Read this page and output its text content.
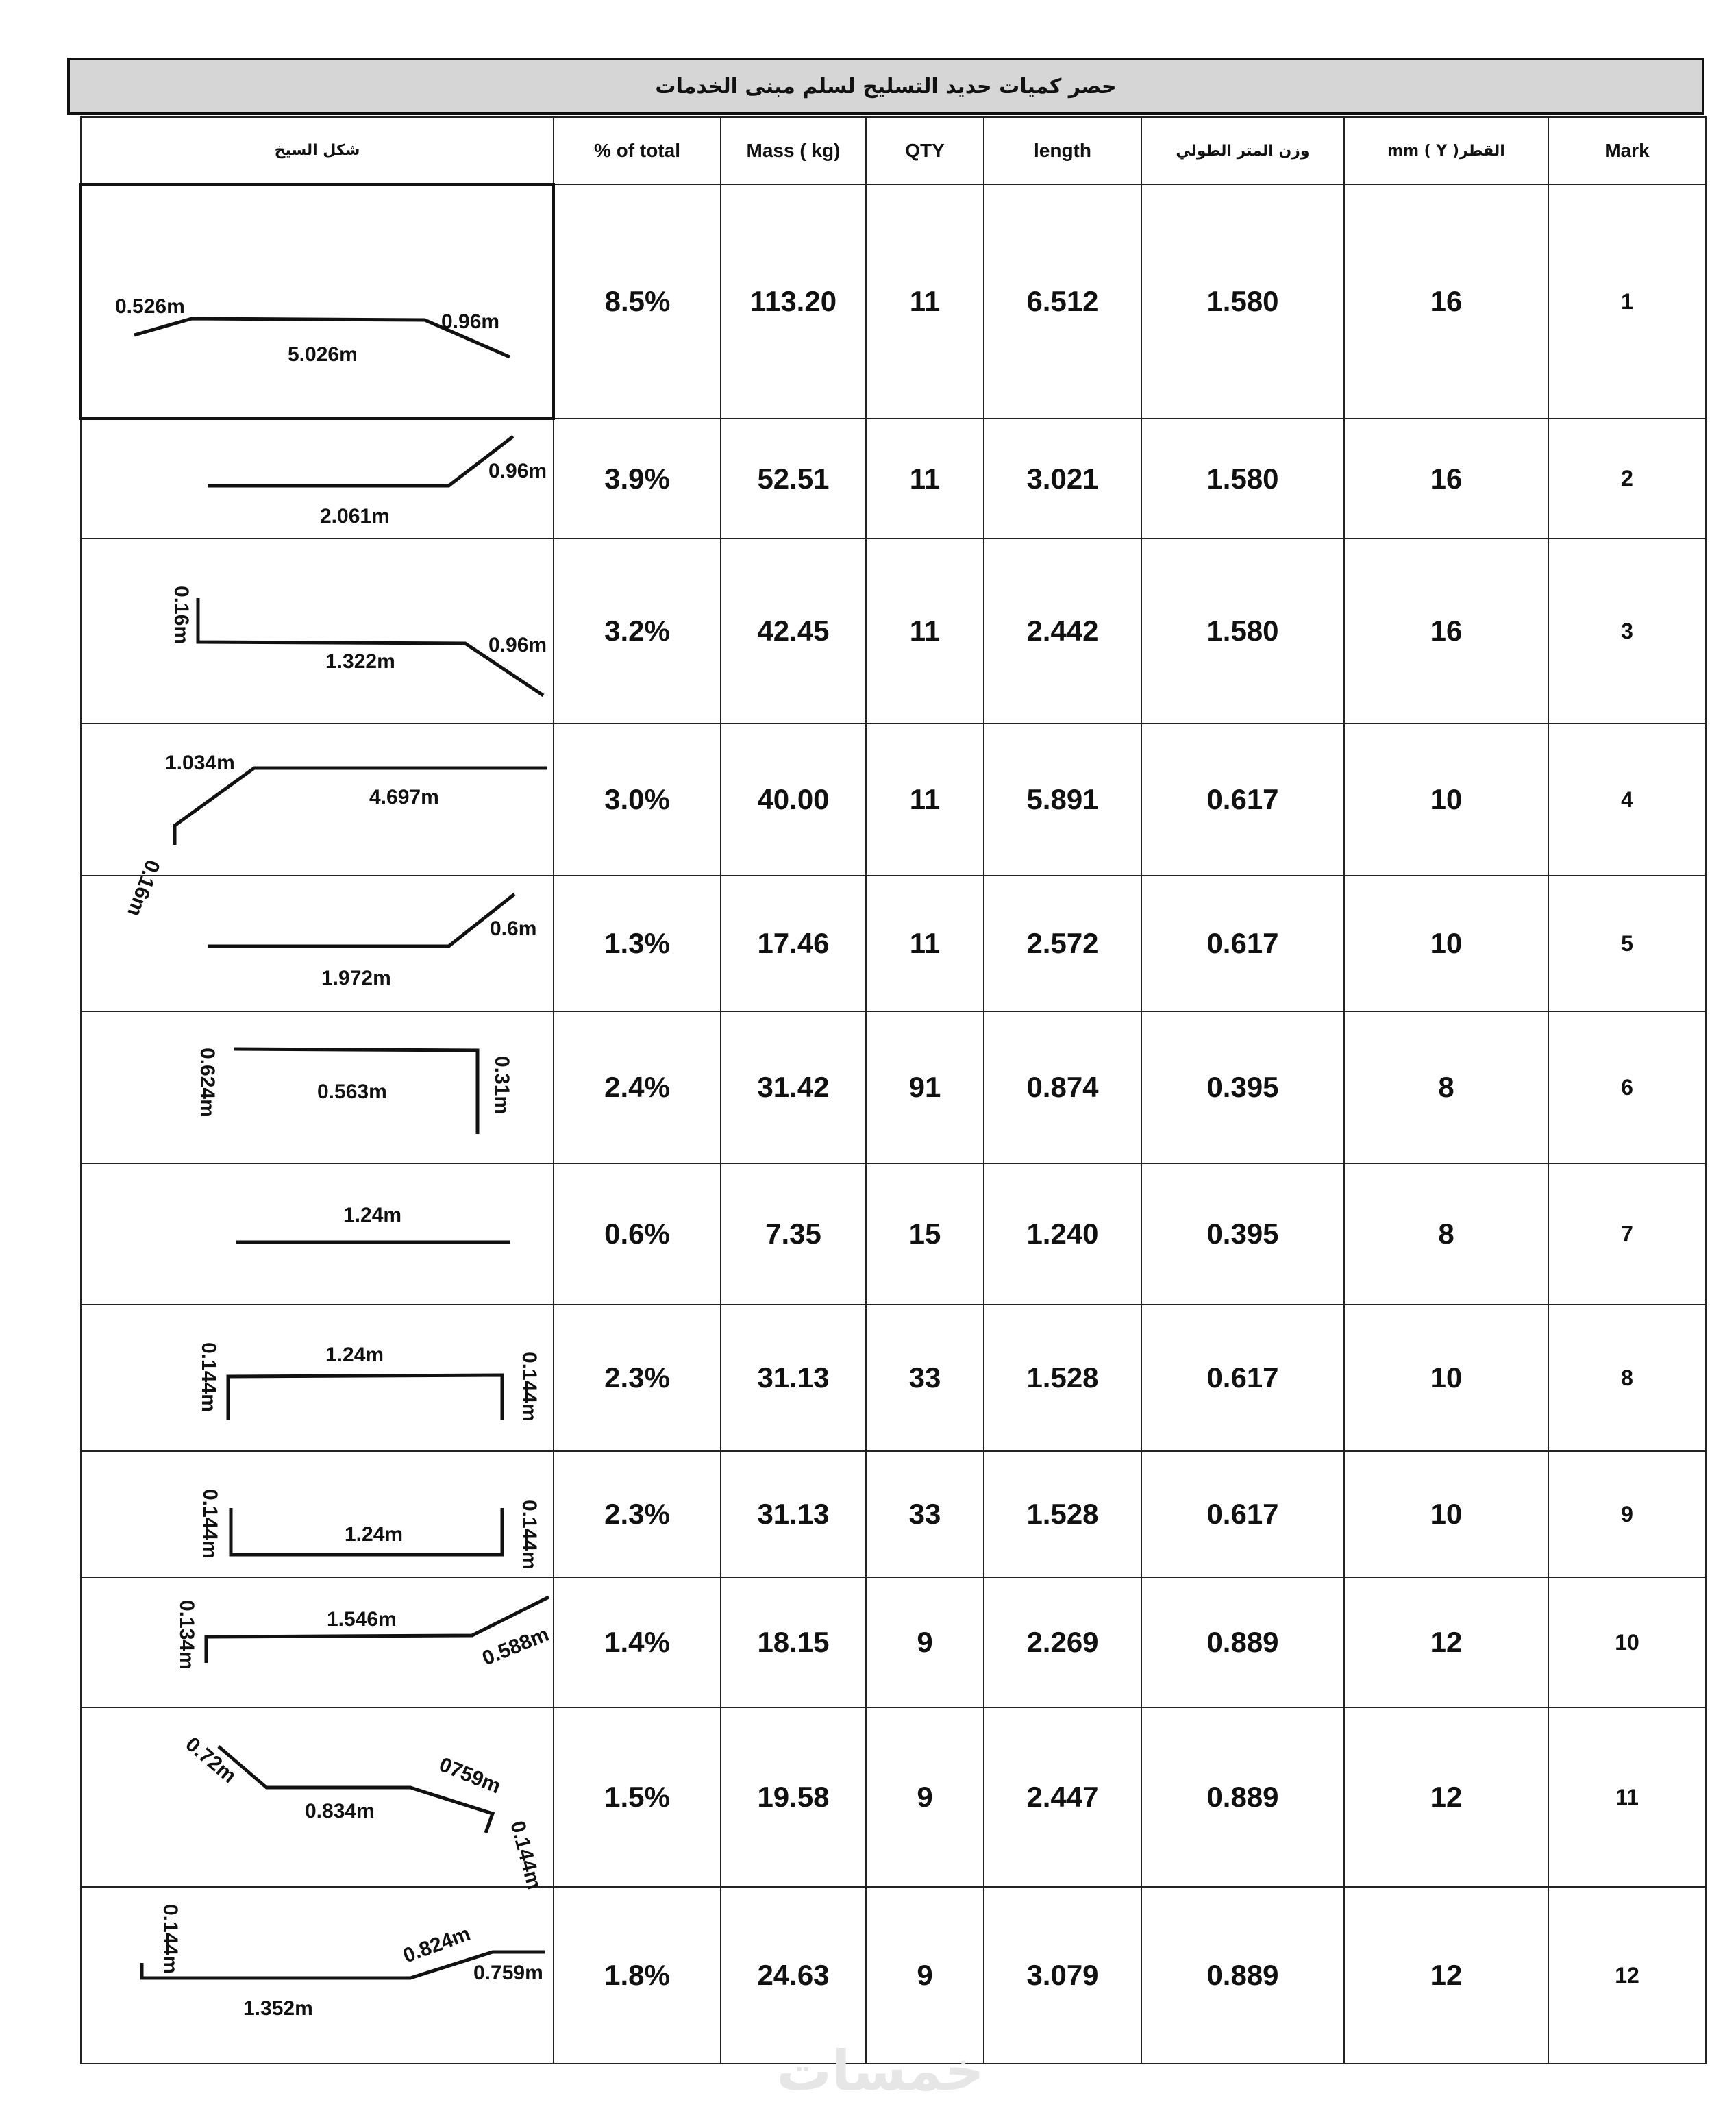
حصر كميات حديد التسليح لسلم مبنى الخدمات
شكل السيخ	% of total	Mass ( kg)	QTY	length	وزن المتر الطولي	القطرmm ( Y )	Mark

0.526m
5.026m
0.96m	8.5%	113.20	11	6.512	1.580	16	1

2.061m
0.96m	3.9%	52.51	11	3.021	1.580	16	2

0.16m
1.322m
0.96m	3.2%	42.45	11	2.442	1.580	16	3

0.16m
1.034m
4.697m	3.0%	40.00	11	5.891	0.617	10	4

1.972m
0.6m	1.3%	17.46	11	2.572	0.617	10	5

0.624m 0.563m 0.31m	2.4%	31.42	91	0.874	0.395	8	6

1.24m	0.6%	7.35	15	1.240	0.395	8	7

0.144m 1.24m 0.144m	2.3%	31.13	33	1.528	0.617	10	8

0.144m 1.24m 0.144m	2.3%	31.13	33	1.528	0.617	10	9

0.134m 1.546m
0.588m	1.4%	18.15	9	2.269	0.889	12	10

0.72m
0.834m
0759m
0.144m	1.5%	19.58	9	2.447	0.889	12	11

0.144m
1.352m
0.824m
0.759m	1.8%	24.63	9	3.079	0.889	12	12
خمسات
